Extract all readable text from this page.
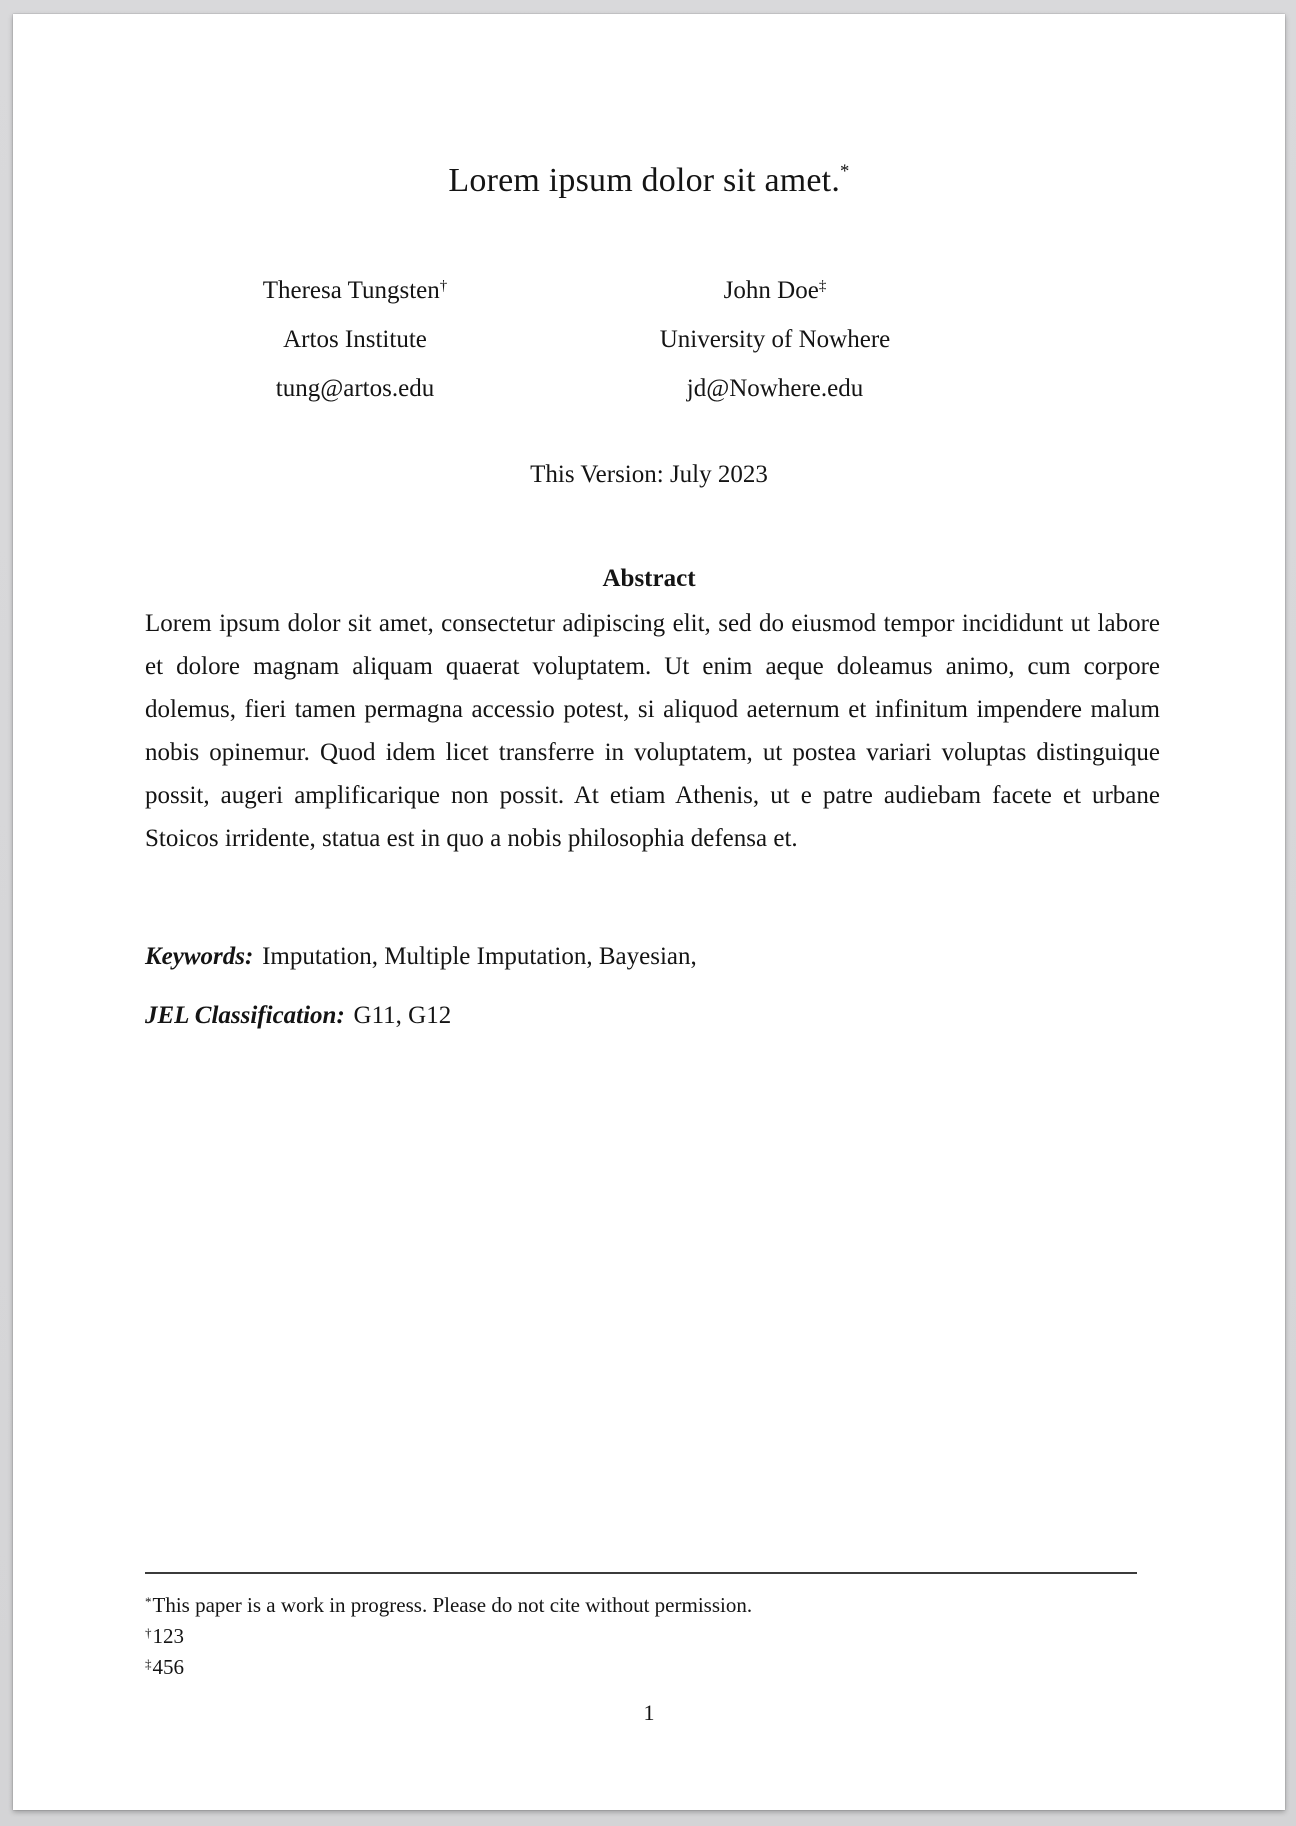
Lorem ipsum dolor sit amet.*
Theresa Tungsten†
Artos Institute
tung@artos.edu
John Doe‡
University of Nowhere
jd@Nowhere.edu
This Version: July 2023
Abstract

Lorem ipsum dolor sit amet, consectetur adipiscing elit, sed do eiusmod tempor incididunt ut labore et dolore magnam aliquam quaerat voluptatem. Ut enim aeque doleamus animo, cum corpore dolemus, fieri tamen permagna accessio potest, si aliquod aeternum et infinitum impendere malum nobis opinemur. Quod idem licet transferre in voluptatem, ut postea variari voluptas distinguique possit, augeri amplificarique non possit. At etiam Athenis, ut e patre audiebam facete et urbane Stoicos irridente, statua est in quo a nobis philosophia defensa et.

Keywords: Imputation, Multiple Imputation, Bayesian,
JEL Classification: G11, G12
*This paper is a work in progress. Please do not cite without permission.
†123
‡456
1
